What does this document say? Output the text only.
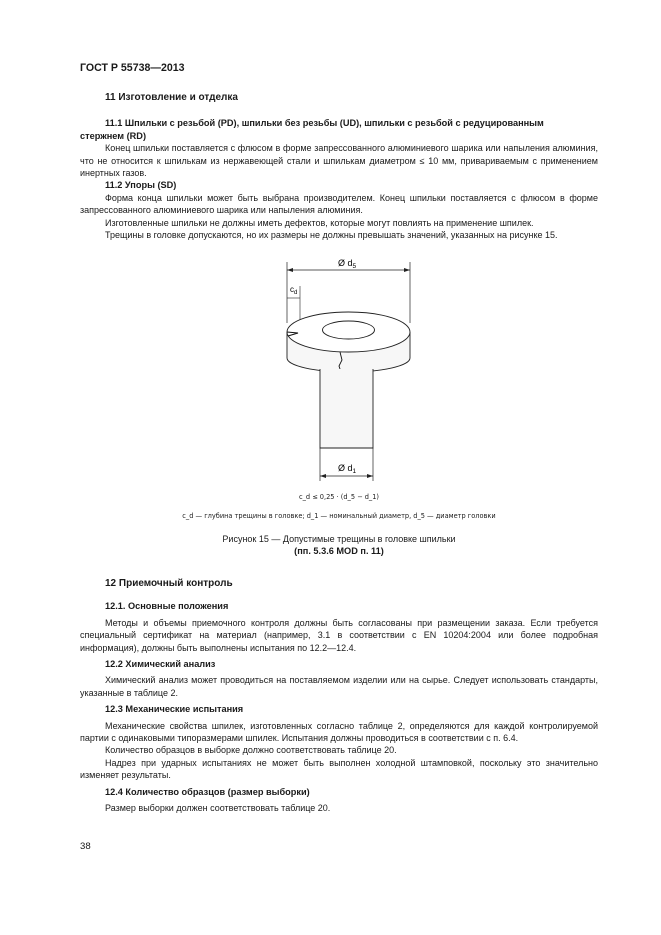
ГОСТ Р 55738—2013
11 Изготовление и отделка
11.1 Шпильки с резьбой (PD), шпильки без резьбы (UD), шпильки с резьбой с редуцированным
стержнем (RD)

Конец шпильки поставляется с флюсом в форме запрессованного алюминиевого шарика или напыления алюминия, что не относится к шпилькам из нержавеющей стали и шпилькам диаметром ≤ 10 мм, привариваемым с применением инертных газов.

11.2 Упоры (SD)

Форма конца шпильки может быть выбрана производителем. Конец шпильки поставляется с флюсом в форме запрессованного алюминиевого шарика или напыления алюминия.

Изготовленные шпильки не должны иметь дефектов, которые могут повлиять на применение шпилек.

Трещины в головке допускаются, но их размеры не должны превышать значений, указанных на рисунке 15.

Ø $d_5$
$c_d$
Ø $d_1$
c_d ≤ 0,25 · (d_5 − d_1)
c_d — глубина трещины в головке; d_1 — номинальный диаметр, d_5 — диаметр головки
Рисунок 15 — Допустимые трещины в головке шпильки
(пп. 5.3.6 MOD п. 11)
12 Приемочный контроль
12.1. Основные положения

Методы и объемы приемочного контроля должны быть согласованы при размещении заказа. Если требуется специальный сертификат на материал (например, 3.1 в соответствии с EN 10204:2004 или более подробная информация), должны быть выполнены испытания по 12.2—12.4.

12.2 Химический анализ

Химический анализ может проводиться на поставляемом изделии или на сырье. Следует использовать стандарты, указанные в таблице 2.

12.3 Механические испытания

Механические свойства шпилек, изготовленных согласно таблице 2, определяются для каждой контролируемой партии с одинаковыми типоразмерами шпилек. Испытания должны проводиться в соответствии с п. 6.4.

Количество образцов в выборке должно соответствовать таблице 20.

Надрез при ударных испытаниях не может быть выполнен холодной штамповкой, поскольку это значительно изменяет результаты.

12.4 Количество образцов (размер выборки)

Размер выборки должен соответствовать таблице 20.

38
